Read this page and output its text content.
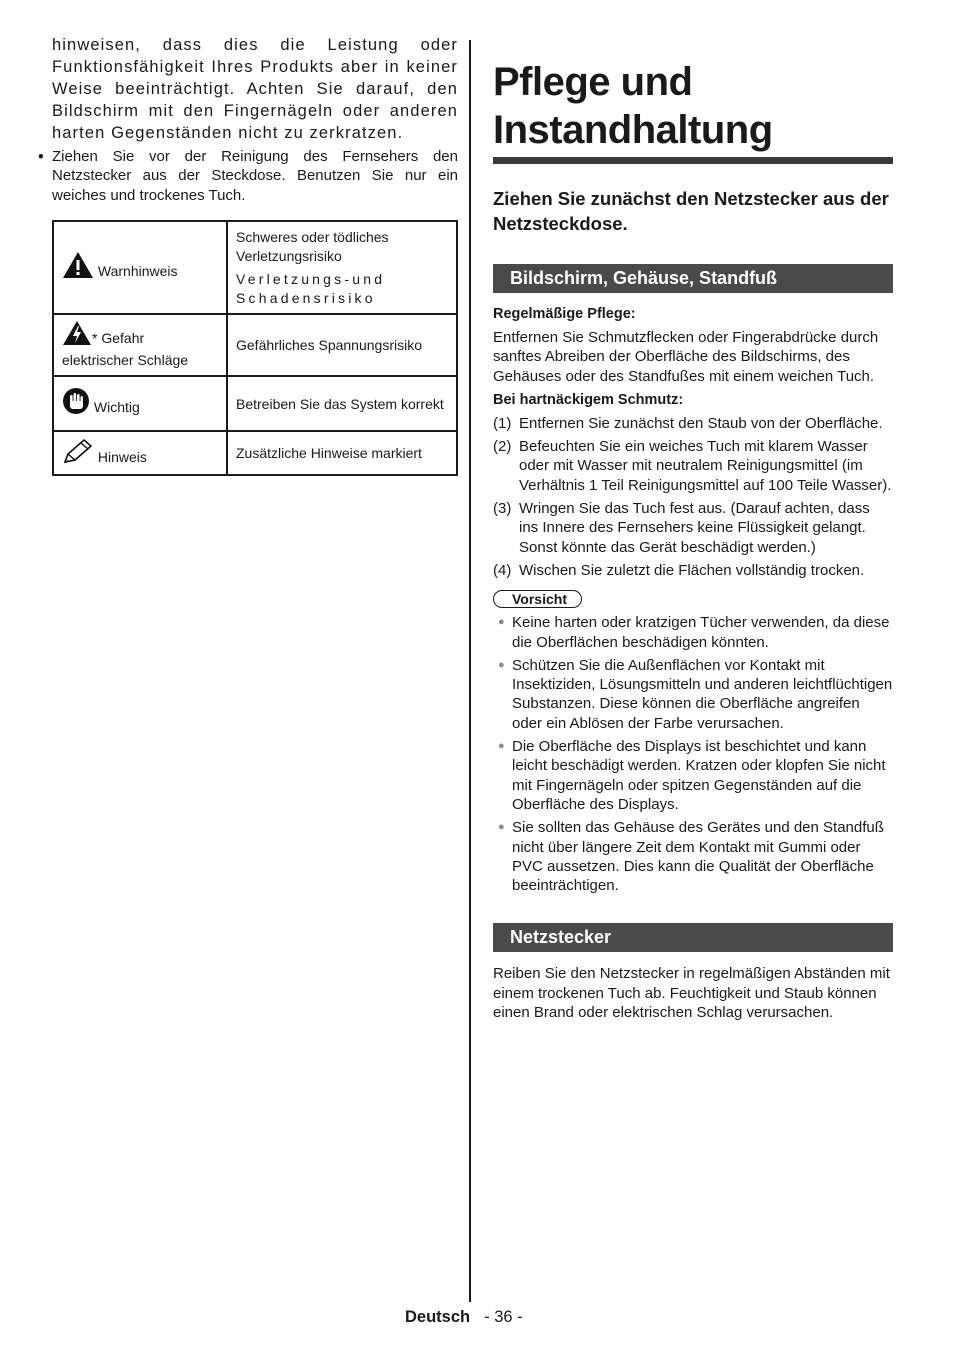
hinweisen, dass dies die Leistung oder Funktionsfähigkeit Ihres Produkts aber in keiner Weise beeinträchtigt. Achten Sie darauf, den Bildschirm mit den Fingernägeln oder anderen harten Gegenständen nicht zu zerkratzen.

• Ziehen Sie vor der Reinigung des Fernsehers den Netzstecker aus der Steckdose. Benutzen Sie nur ein weiches und trockenes Tuch.
Warnhinweis	Schweres oder tödliches Verletzungsrisiko
Verletzungs-und Schadensrisiko

* Gefahr elektrischer Schläge	Gefährliches Spannungsrisiko

Wichtig	Betreiben Sie das System korrekt

Hinweis	Zusätzliche Hinweise markiert
Pflege und Instandhaltung
Ziehen Sie zunächst den Netzstecker aus der Netzsteckdose.
Bildschirm, Gehäuse, Standfuß
Regelmäßige Pflege:
Entfernen Sie Schmutzflecken oder Fingerabdrücke durch sanftes Abreiben der Oberfläche des Bildschirms, des Gehäuses oder des Standfußes mit einem weichen Tuch.
Bei hartnäckigem Schmutz:
(1) Entfernen Sie zunächst den Staub von der Oberfläche.
(2) Befeuchten Sie ein weiches Tuch mit klarem Wasser oder mit Wasser mit neutralem Reinigungsmittel (im Verhältnis 1 Teil Reinigungsmittel auf 100 Teile Wasser).
(3) Wringen Sie das Tuch fest aus. (Darauf achten, dass ins Innere des Fernsehers keine Flüssigkeit gelangt. Sonst könnte das Gerät beschädigt werden.)
(4) Wischen Sie zuletzt die Flächen vollständig trocken.
Vorsicht
● Keine harten oder kratzigen Tücher verwenden, da diese die Oberflächen beschädigen könnten.
● Schützen Sie die Außenflächen vor Kontakt mit Insektiziden, Lösungsmitteln und anderen leichtflüchtigen Substanzen. Diese können die Oberfläche angreifen oder ein Ablösen der Farbe verursachen.
● Die Oberfläche des Displays ist beschichtet und kann leicht beschädigt werden. Kratzen oder klopfen Sie nicht mit Fingernägeln oder spitzen Gegenständen auf die Oberfläche des Displays.
● Sie sollten das Gehäuse des Gerätes und den Standfuß nicht über längere Zeit dem Kontakt mit Gummi oder PVC aussetzen. Dies kann die Qualität der Oberfläche beeinträchtigen.
Netzstecker
Reiben Sie den Netzstecker in regelmäßigen Abständen mit einem trockenen Tuch ab. Feuchtigkeit und Staub können einen Brand oder elektrischen Schlag verursachen.
Deutsch - 36 -
